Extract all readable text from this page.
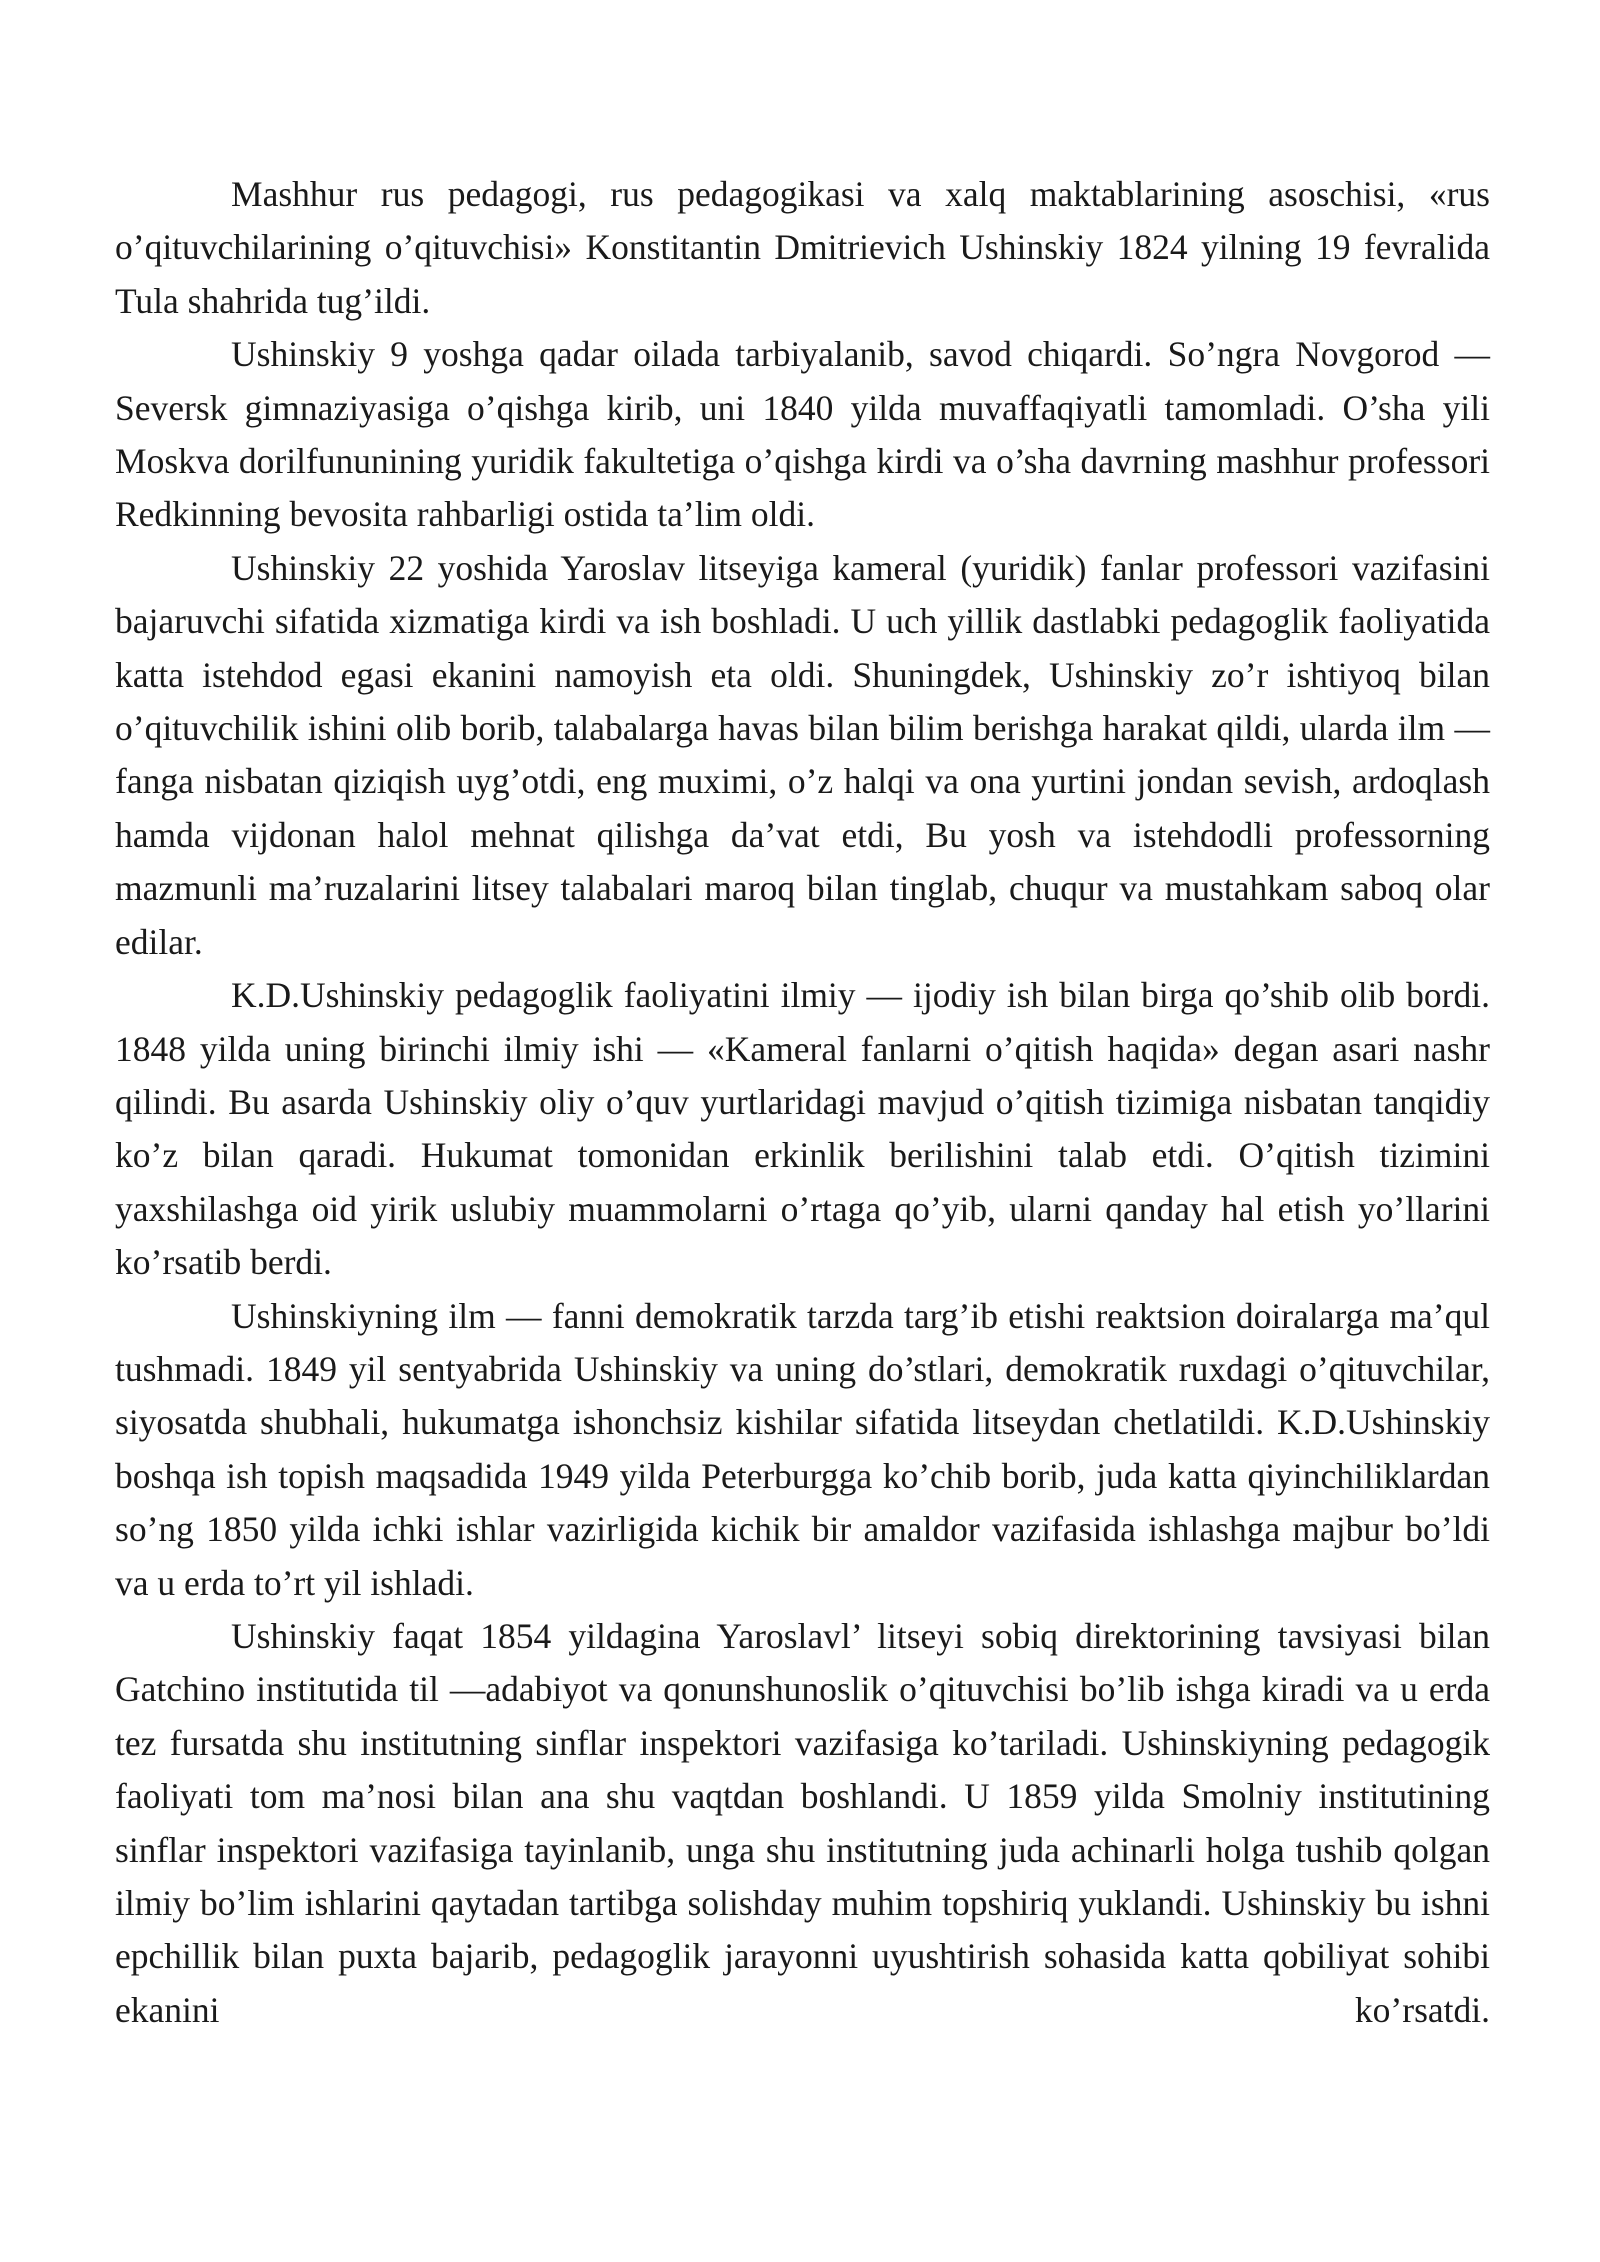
Mashhur rus pedagogi, rus pedagogikasi va xalq maktablarining asoschisi, «rus o’qituvchilarining o’qituvchisi» Konstitantin Dmitrievich Ushinskiy 1824 yilning 19 fevralida Tula shahrida tug’ildi.

Ushinskiy 9 yoshga qadar oilada tarbiyalanib, savod chiqardi. So’ngra Novgorod —Seversk gimnaziyasiga o’qishga kirib, uni 1840 yilda muvaffaqiyatli tamomladi. O’sha yili Moskva dorilfununining yuridik fakultetiga o’qishga kirdi va o’sha davrning mashhur professori Redkinning bevosita rahbarligi ostida ta’lim oldi.

Ushinskiy 22 yoshida Yaroslav litseyiga kameral (yuridik) fanlar professori vazifasini bajaruvchi sifatida xizmatiga kirdi va ish boshladi. U uch yillik dastlabki pedagoglik faoliyatida katta istehdod egasi ekanini namoyish eta oldi. Shuningdek, Ushinskiy zo’r ishtiyoq bilan o’qituvchilik ishini olib borib, talabalarga havas bilan bilim berishga harakat qildi, ularda ilm — fanga nisbatan qiziqish uyg’otdi, eng muximi, o’z halqi va ona yurtini jondan sevish, ardoqlash hamda vijdonan halol mehnat qilishga da’vat etdi, Bu yosh va istehdodli professorning mazmunli ma’ruzalarini litsey talabalari maroq bilan tinglab, chuqur va mustahkam saboq olar edilar.

K.D.Ushinskiy pedagoglik faoliyatini ilmiy — ijodiy ish bilan birga qo’shib olib bordi. 1848 yilda uning birinchi ilmiy ishi — «Kameral fanlarni o’qitish haqida» degan asari nashr qilindi. Bu asarda Ushinskiy oliy o’quv yurtlaridagi mavjud o’qitish tizimiga nisbatan tanqidiy ko’z bilan qaradi. Hukumat tomonidan erkinlik berilishini talab etdi. O’qitish tizimini yaxshilashga oid yirik uslubiy muammolarni o’rtaga qo’yib, ularni qanday hal etish yo’llarini ko’rsatib berdi.

Ushinskiyning ilm — fanni demokratik tarzda targ’ib etishi reaktsion doiralarga ma’qul tushmadi. 1849 yil sentyabrida Ushinskiy va uning do’stlari, demokratik ruxdagi o’qituvchilar, siyosatda shubhali, hukumatga ishonchsiz kishilar sifatida litseydan chetlatildi. K.D.Ushinskiy boshqa ish topish maqsadida 1949 yilda Peterburgga ko’chib borib, juda katta qiyinchiliklardan so’ng 1850 yilda ichki ishlar vazirligida kichik bir amaldor vazifasida ishlashga majbur bo’ldi va u erda to’rt yil ishladi.

Ushinskiy faqat 1854 yildagina Yaroslavl’ litseyi sobiq direktorining tavsiyasi bilan Gatchino institutida til —adabiyot va qonunshunoslik o’qituvchisi bo’lib ishga kiradi va u erda tez fursatda shu institutning sinflar inspektori vazifasiga ko’tariladi. Ushinskiyning pedagogik faoliyati tom ma’nosi bilan ana shu vaqtdan boshlandi. U 1859 yilda Smolniy institutining sinflar inspektori vazifasiga tayinlanib, unga shu institutning juda achinarli holga tushib qolgan ilmiy bo’lim ishlarini qaytadan tartibga solishday muhim topshiriq yuklandi. Ushinskiy bu ishni epchillik bilan puxta bajarib, pedagoglik jarayonni uyushtirish sohasida katta qobiliyat sohibi ekanini ko’rsatdi.
